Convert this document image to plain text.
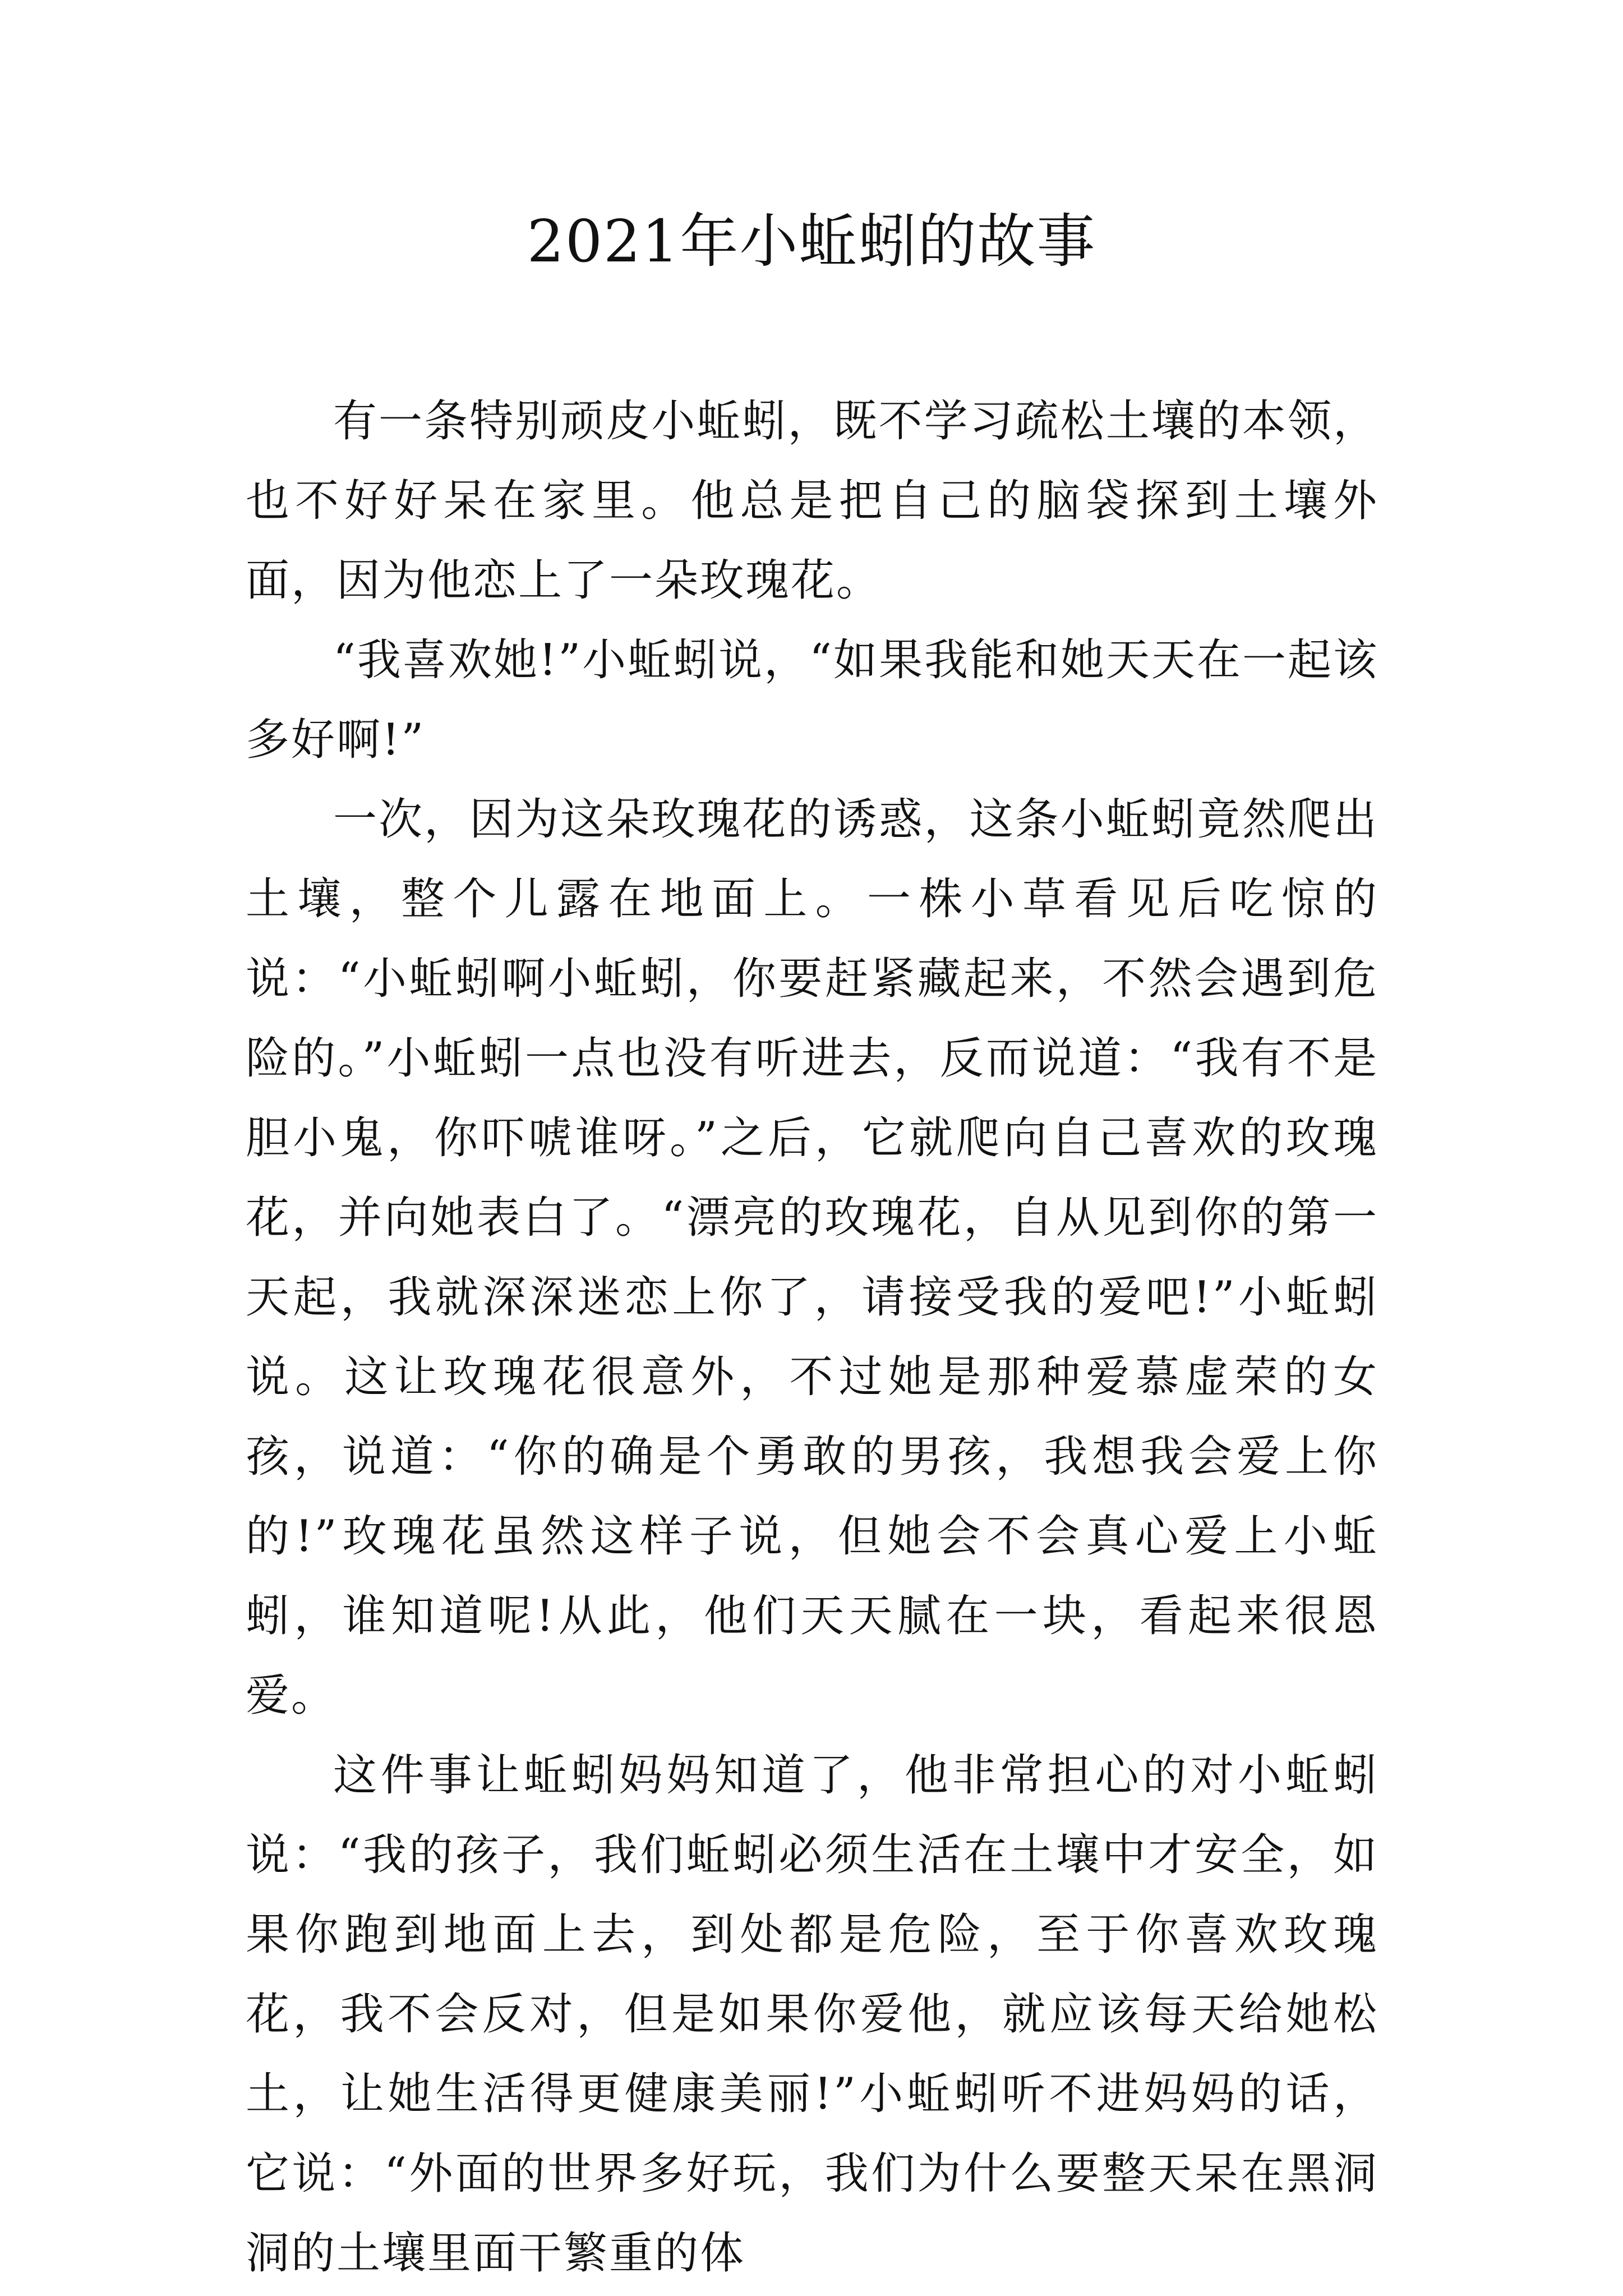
2021年小蚯蚓的故事

有一条特别顽皮小蚯蚓，既不学习疏松土壤的本领，也不好好呆在家里。他总是把自己的脑袋探到土壤外面，因为他恋上了一朵玫瑰花。

“我喜欢她!”小蚯蚓说，“如果我能和她天天在一起该多好啊!”

一次，因为这朵玫瑰花的诱惑，这条小蚯蚓竟然爬出土壤，整个儿露在地面上。一株小草看见后吃惊的说：“小蚯蚓啊小蚯蚓，你要赶紧藏起来，不然会遇到危险的。”小蚯蚓一点也没有听进去，反而说道：“我有不是胆小鬼，你吓唬谁呀。”之后，它就爬向自己喜欢的玫瑰花，并向她表白了。“漂亮的玫瑰花，自从见到你的第一天起，我就深深迷恋上你了，请接受我的爱吧!”小蚯蚓说。这让玫瑰花很意外，不过她是那种爱慕虚荣的女孩，说道：“你的确是个勇敢的男孩，我想我会爱上你的!”玫瑰花虽然这样子说，但她会不会真心爱上小蚯蚓，谁知道呢!从此，他们天天腻在一块，看起来很恩爱。

这件事让蚯蚓妈妈知道了，他非常担心的对小蚯蚓说：“我的孩子，我们蚯蚓必须生活在土壤中才安全，如果你跑到地面上去，到处都是危险，至于你喜欢玫瑰花，我不会反对，但是如果你爱他，就应该每天给她松土，让她生活得更健康美丽!”小蚯蚓听不进妈妈的话，它说：“外面的世界多好玩，我们为什么要整天呆在黑洞洞的土壤里面干繁重的体
